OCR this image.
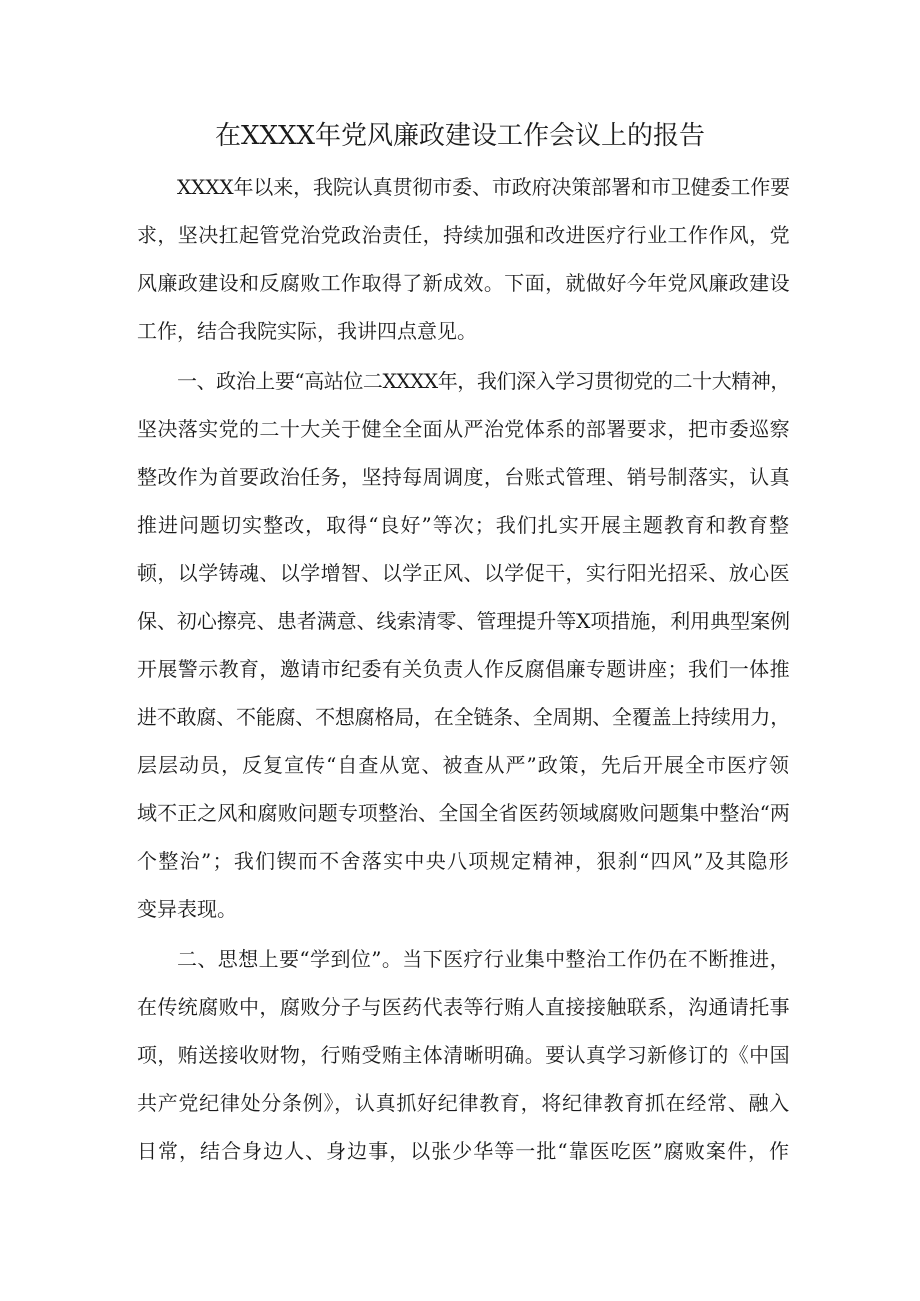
在XXXX年党风廉政建设工作会议上的报告

XXXX年以来，我院认真贯彻市委、市政府决策部署和市卫健委工作要

求，坚决扛起管党治党政治责任，持续加强和改进医疗行业工作作风，党

风廉政建设和反腐败工作取得了新成效。下面，就做好今年党风廉政建设

工作，结合我院实际，我讲四点意见。

一、政治上要“高站位二XXXX年，我们深入学习贯彻党的二十大精神，

坚决落实党的二十大关于健全全面从严治党体系的部署要求，把市委巡察

整改作为首要政治任务，坚持每周调度，台账式管理、销号制落实，认真

推进问题切实整改，取得“良好”等次；我们扎实开展主题教育和教育整

顿，以学铸魂、以学增智、以学正风、以学促干，实行阳光招采、放心医

保、初心擦亮、患者满意、线索清零、管理提升等X项措施，利用典型案例

开展警示教育，邀请市纪委有关负责人作反腐倡廉专题讲座；我们一体推

进不敢腐、不能腐、不想腐格局，在全链条、全周期、全覆盖上持续用力，

层层动员，反复宣传“自查从宽、被查从严”政策，先后开展全市医疗领

域不正之风和腐败问题专项整治、全国全省医药领域腐败问题集中整治“两

个整治”；我们锲而不舍落实中央八项规定精神，狠刹“四风”及其隐形

变异表现。

二、思想上要“学到位”。当下医疗行业集中整治工作仍在不断推进，

在传统腐败中，腐败分子与医药代表等行贿人直接接触联系，沟通请托事

项，贿送接收财物，行贿受贿主体清晰明确。要认真学习新修订的《中国

共产党纪律处分条例》，认真抓好纪律教育，将纪律教育抓在经常、融入

日常，结合身边人、身边事，以张少华等一批“靠医吃医”腐败案件，作
